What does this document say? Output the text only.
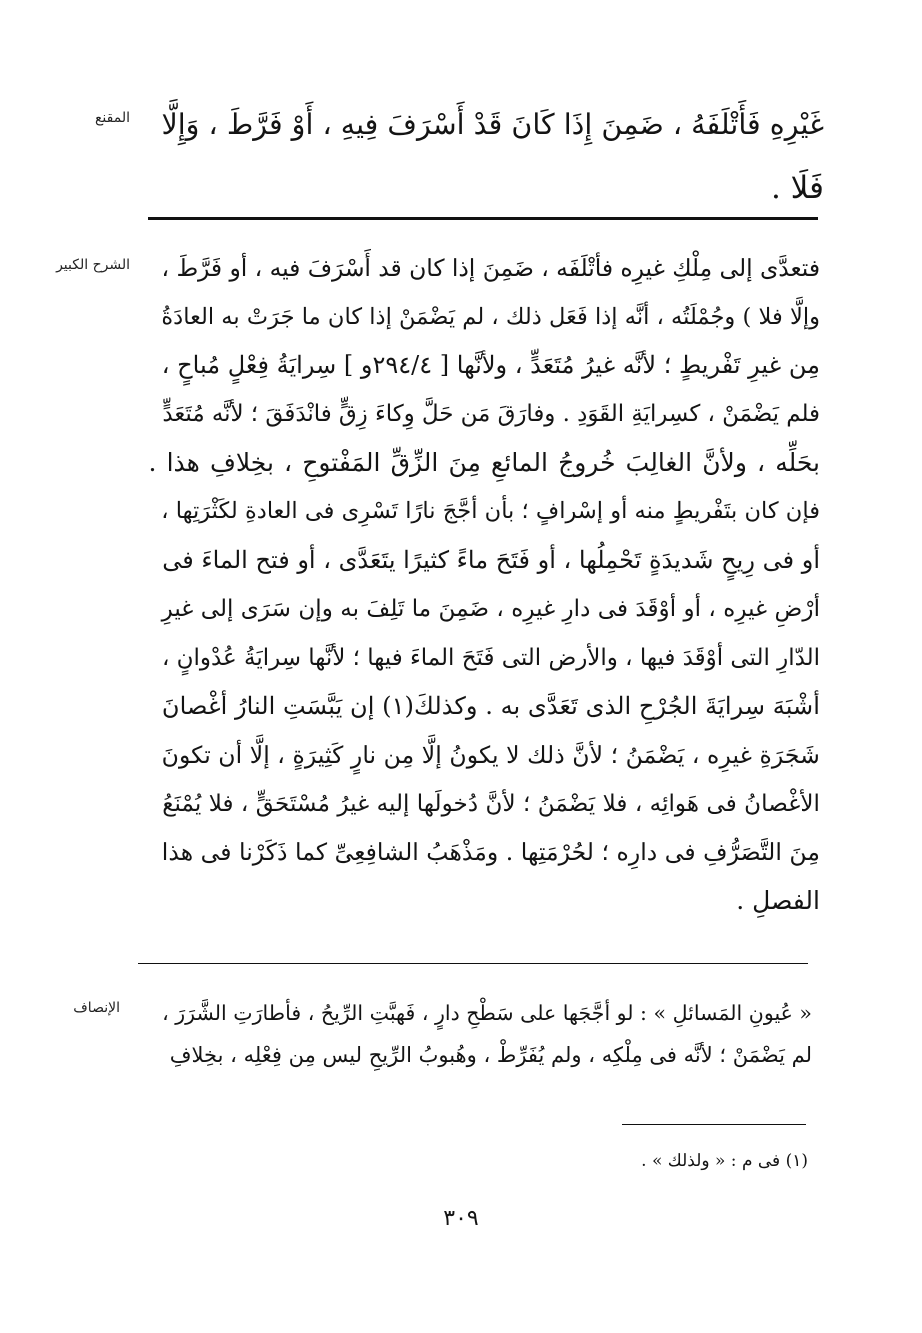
المقنع	غَيْرِهِ فَأَتْلَفَهُ ، ضَمِنَ إِذَا كَانَ قَدْ أَسْرَفَ فِيهِ ، أَوْ فَرَّطَ ، وَإِلَّا
فَلَا .
الشرح الكبير	فتعدَّى إلى مِلْكِ غيرِه فأتْلَفَه ، ضَمِنَ إذا كان قد أَسْرَفَ فيه ، أو فَرَّطَ ،
وإلَّا فلا ) وجُمْلَتُه ، أنَّه إذا فَعَل ذلك ، لم يَضْمَنْ إذا كان ما جَرَتْ به العادَةُ
مِن غيرِ تَفْريطٍ ؛ لأنَّه غيرُ مُتَعَدٍّ ، ولأنَّها [ ٢٩٤/٤و ] سِرايَةُ فِعْلٍ مُباحٍ ،
فلم يَضْمَنْ ، كسِرايَةِ القَوَدِ . وفارَقَ مَن حَلَّ وِكاءَ زِقٍّ فانْدَفَقَ ؛ لأنَّه مُتَعَدٍّ
بحَلِّه ، ولأنَّ الغالِبَ خُروجُ المائعِ مِنَ الزِّقِّ المَفْتوحِ ، بخِلافِ هذا .
فإن كان بتَفْريطٍ منه أو إسْرافٍ ؛ بأن أجَّجَ نارًا تَسْرِى فى العادةِ لكَثْرَتِها ،
أو فى رِيحٍ شَديدَةٍ تَحْمِلُها ، أو فَتَحَ ماءً كثيرًا يتَعَدَّى ، أو فتح الماءَ فى
أرْضِ غيرِه ، أو أوْقَدَ فى دارِ غيرِه ، ضَمِنَ ما تَلِفَ به وإن سَرَى إلى غيرِ
الدّارِ التى أوْقَدَ فيها ، والأرض التى فَتَحَ الماءَ فيها ؛ لأنَّها سِرايَةُ عُدْوانٍ ،
أشْبَهَ سِرايَةَ الجُرْحِ الذى تَعَدَّى به . وكذلكَ(١) إن يَبَّسَتِ النارُ أغْصانَ
شَجَرَةِ غيرِه ، يَضْمَنُ ؛ لأنَّ ذلك لا يكونُ إلَّا مِن نارٍ كَثِيرَةٍ ، إلَّا أن تكونَ
الأغْصانُ فى هَوائِه ، فلا يَضْمَنُ ؛ لأنَّ دُخولَها إليه غيرُ مُسْتَحَقٍّ ، فلا يُمْنَعُ
مِنَ التَّصَرُّفِ فى دارِه ؛ لحُرْمَتِها . ومَذْهَبُ الشافِعِىِّ كما ذَكَرْنا فى هذا
الفصلِ .
الإنصاف	« عُيونِ المَسائلِ » : لو أجَّجَها على سَطْحِ دارٍ ، فَهبَّتِ الرِّيحُ ، فأطارَتِ الشَّرَرَ ،
لم يَضْمَنْ ؛ لأنَّه فى مِلْكِه ، ولم يُفَرِّطْ ، وهُبوبُ الرِّيحِ ليس مِن فِعْلِه ، بخِلافِ
(١) فى م : « ولذلك » .
٣٠٩
